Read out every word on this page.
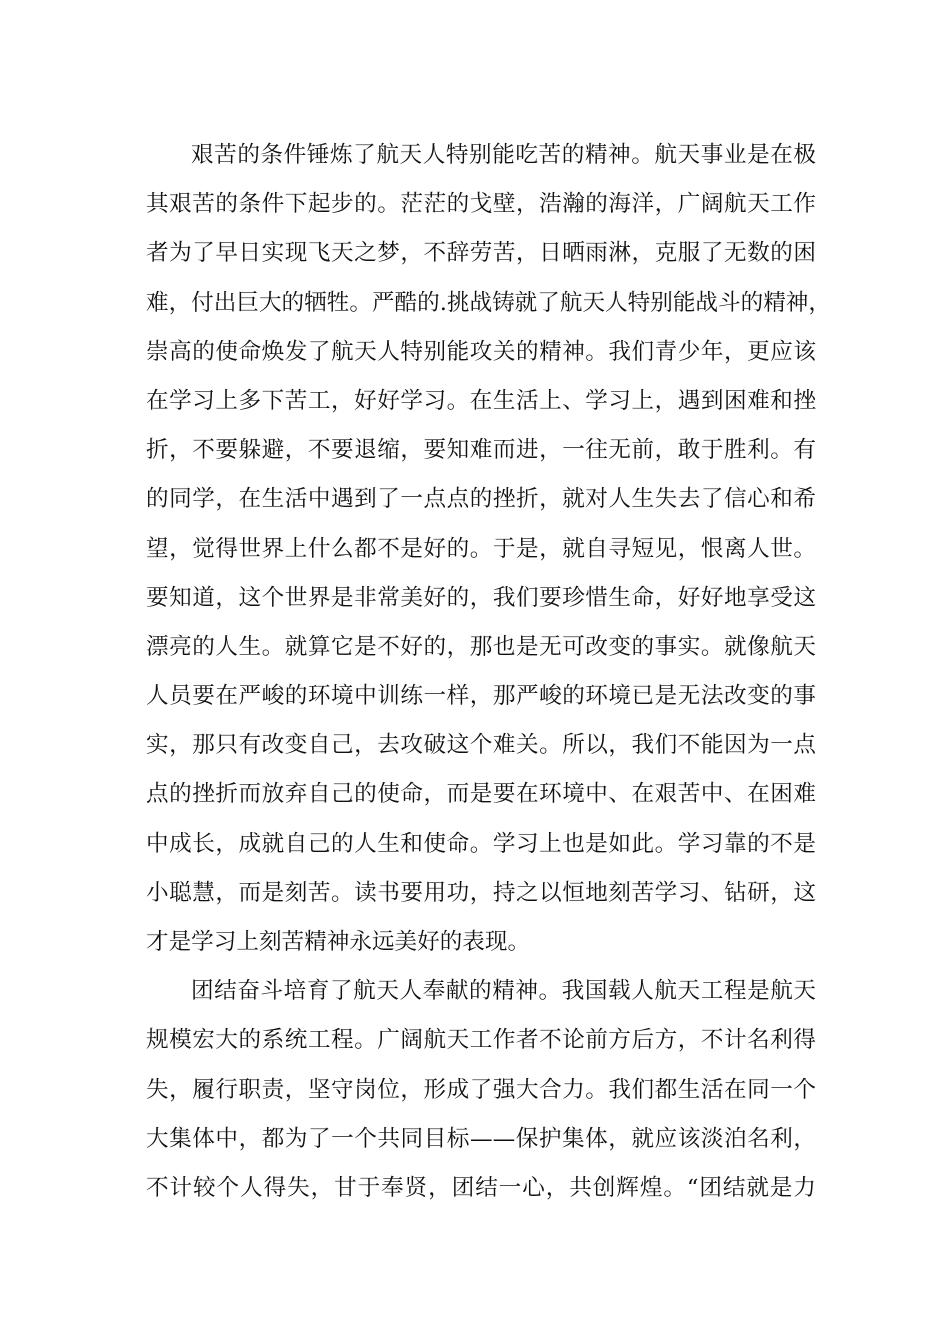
艰苦的条件锤炼了航天人特别能吃苦的精神。航天事业是在极
其艰苦的条件下起步的。茫茫的戈壁，浩瀚的海洋，广阔航天工作
者为了早日实现飞天之梦，不辞劳苦，日晒雨淋，克服了无数的困
难，付出巨大的牺牲。严酷的.挑战铸就了航天人特别能战斗的精神，
崇高的使命焕发了航天人特别能攻关的精神。我们青少年，更应该
在学习上多下苦工，好好学习。在生活上、学习上，遇到困难和挫
折，不要躲避，不要退缩，要知难而进，一往无前，敢于胜利。有
的同学，在生活中遇到了一点点的挫折，就对人生失去了信心和希
望，觉得世界上什么都不是好的。于是，就自寻短见，恨离人世。
要知道，这个世界是非常美好的，我们要珍惜生命，好好地享受这
漂亮的人生。就算它是不好的，那也是无可改变的事实。就像航天
人员要在严峻的环境中训练一样，那严峻的环境已是无法改变的事
实，那只有改变自己，去攻破这个难关。所以，我们不能因为一点
点的挫折而放弃自己的使命，而是要在环境中、在艰苦中、在困难
中成长，成就自己的人生和使命。学习上也是如此。学习靠的不是
小聪慧，而是刻苦。读书要用功，持之以恒地刻苦学习、钻研，这
才是学习上刻苦精神永远美好的表现。
团结奋斗培育了航天人奉献的精神。我国载人航天工程是航天
规模宏大的系统工程。广阔航天工作者不论前方后方，不计名利得
失，履行职责，坚守岗位，形成了强大合力。我们都生活在同一个
大集体中，都为了一个共同目标——保护集体，就应该淡泊名利，
不计较个人得失，甘于奉贤，团结一心，共创辉煌。“团结就是力
